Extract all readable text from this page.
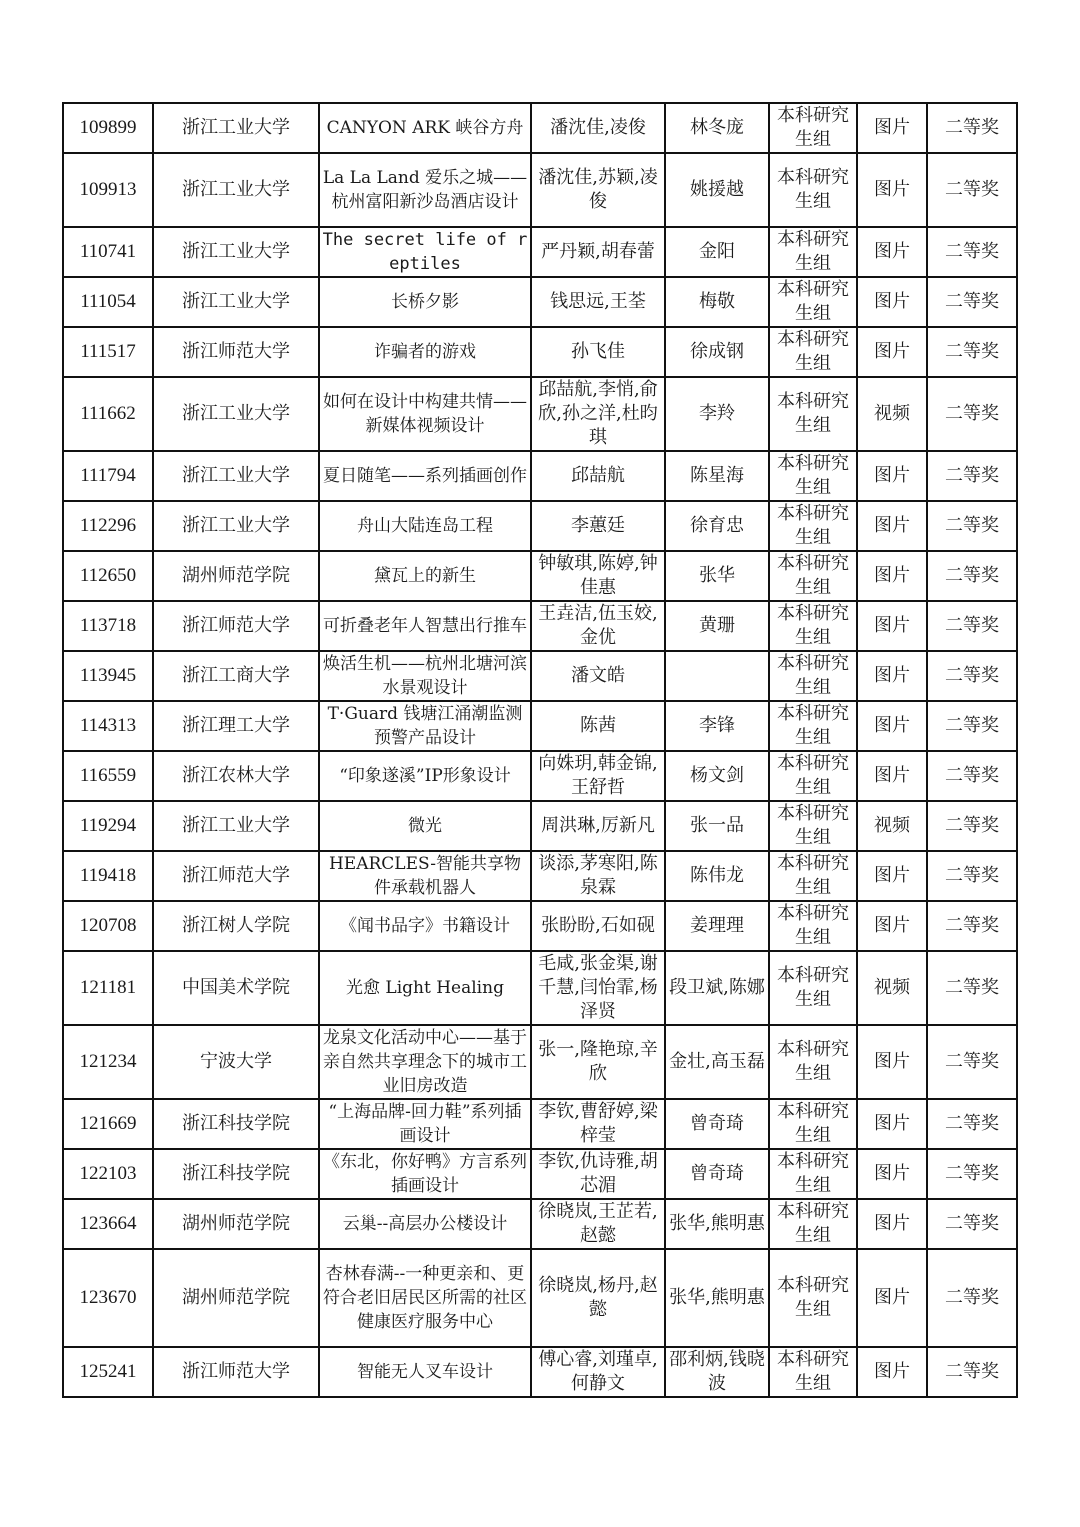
109899	浙江工业大学	CANYON ARK 峡谷方舟	潘沈佳,凌俊	林冬庞	本科研究生组	图片	二等奖
109913	浙江工业大学	La La Land 爱乐之城——杭州富阳新沙岛酒店设计	潘沈佳,苏颖,凌俊	姚援越	本科研究生组	图片	二等奖
110741	浙江工业大学	The secret life of reptiles	严丹颖,胡春蕾	金阳	本科研究生组	图片	二等奖
111054	浙江工业大学	长桥夕影	钱思远,王荃	梅敬	本科研究生组	图片	二等奖
111517	浙江师范大学	诈骗者的游戏	孙飞佳	徐成钢	本科研究生组	图片	二等奖
111662	浙江工业大学	如何在设计中构建共情——新媒体视频设计	邱喆航,李悄,俞欣,孙之洋,杜昀琪	李羚	本科研究生组	视频	二等奖
111794	浙江工业大学	夏日随笔——系列插画创作	邱喆航	陈星海	本科研究生组	图片	二等奖
112296	浙江工业大学	舟山大陆连岛工程	李蕙廷	徐育忠	本科研究生组	图片	二等奖
112650	湖州师范学院	黛瓦上的新生	钟敏琪,陈婷,钟佳惠	张华	本科研究生组	图片	二等奖
113718	浙江师范大学	可折叠老年人智慧出行推车	王垚洁,伍玉姣,金优	黄珊	本科研究生组	图片	二等奖
113945	浙江工商大学	焕活生机——杭州北塘河滨水景观设计	潘文皓		本科研究生组	图片	二等奖
114313	浙江理工大学	T·Guard 钱塘江涌潮监测预警产品设计	陈茜	李锋	本科研究生组	图片	二等奖
116559	浙江农林大学	“印象遂溪”IP形象设计	向姝玥,韩金锦,王舒哲	杨文剑	本科研究生组	图片	二等奖
119294	浙江工业大学	微光	周洪琳,厉新凡	张一品	本科研究生组	视频	二等奖
119418	浙江师范大学	HEARCLES-智能共享物件承载机器人	谈添,茅寒阳,陈泉霖	陈伟龙	本科研究生组	图片	二等奖
120708	浙江树人学院	《闻书品字》书籍设计	张盼盼,石如砚	姜理理	本科研究生组	图片	二等奖
121181	中国美术学院	光愈 Light Healing	毛咸,张金渠,谢千慧,闫怡霏,杨泽贤	段卫斌,陈娜	本科研究生组	视频	二等奖
121234	宁波大学	龙泉文化活动中心——基于亲自然共享理念下的城市工业旧房改造	张一,隆艳琼,辛欣	金壮,高玉磊	本科研究生组	图片	二等奖
121669	浙江科技学院	“上海品牌-回力鞋”系列插画设计	李钦,曹舒婷,梁梓莹	曾奇琦	本科研究生组	图片	二等奖
122103	浙江科技学院	《东北，你好鸭》方言系列插画设计	李钦,仇诗雅,胡芯湄	曾奇琦	本科研究生组	图片	二等奖
123664	湖州师范学院	云巢--高层办公楼设计	徐晓岚,王芷若,赵懿	张华,熊明惠	本科研究生组	图片	二等奖
123670	湖州师范学院	杏林春满--一种更亲和、更符合老旧居民区所需的社区健康医疗服务中心	徐晓岚,杨丹,赵懿	张华,熊明惠	本科研究生组	图片	二等奖
125241	浙江师范大学	智能无人叉车设计	傅心睿,刘瑾卓,何静文	邵利炳,钱晓波	本科研究生组	图片	二等奖
